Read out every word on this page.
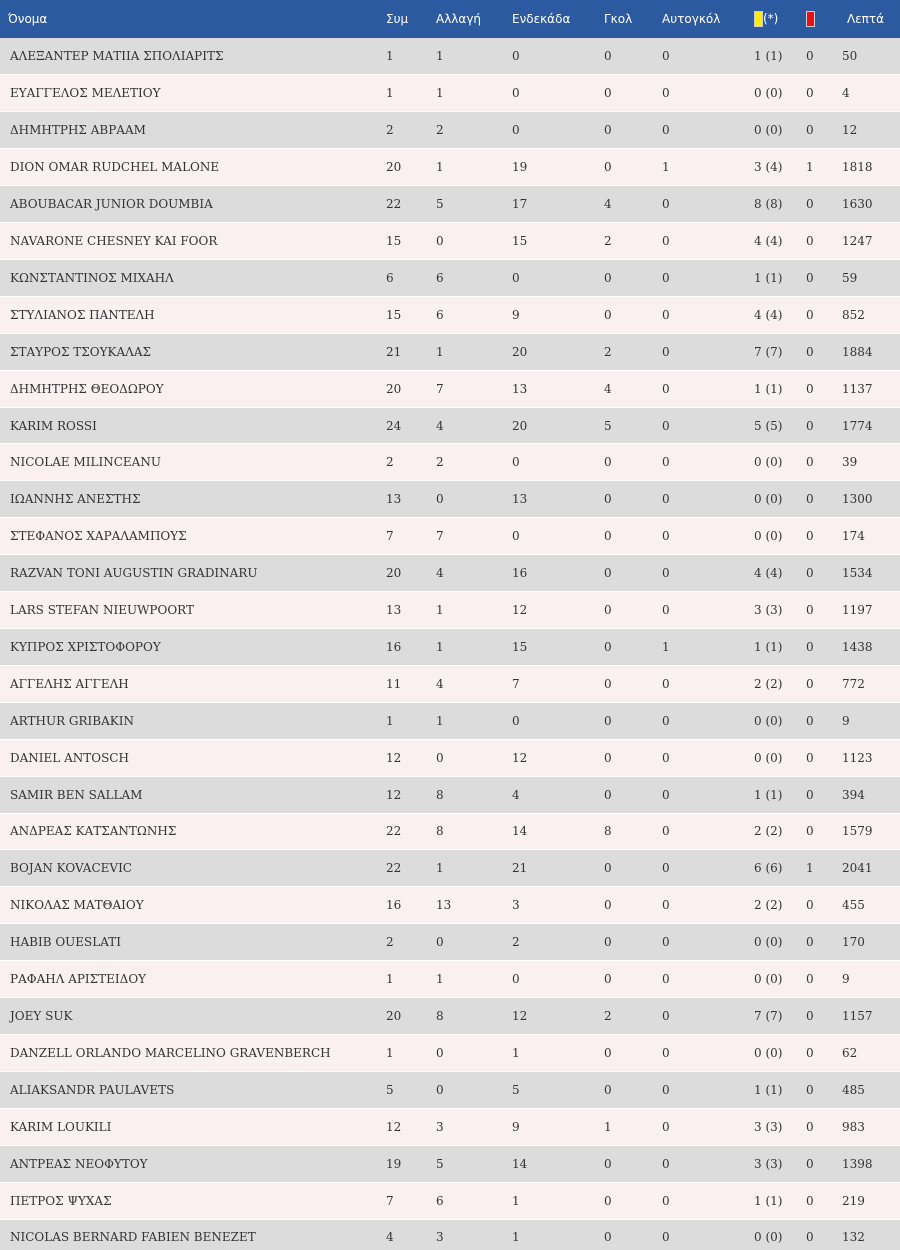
Όνομα	Συμ	Αλλαγή	Ενδεκάδα	Γκολ	Αυτογκόλ	(*)		Λεπτά
ΑΛΕΞΑΝΤΕΡ ΜΑΤΙΙΑ ΣΠΟΛΙΑΡΙΤΣ	1	1	0	0	0	1 (1)	0	50
ΕΥΑΓΓΕΛΟΣ ΜΕΛΕΤΙΟΥ	1	1	0	0	0	0 (0)	0	4
ΔΗΜΗΤΡΗΣ ΑΒΡΑΑΜ	2	2	0	0	0	0 (0)	0	12
DION OMAR RUDCHEL MALONE	20	1	19	0	1	3 (4)	1	1818
ABOUBACAR JUNIOR DOUMBIA	22	5	17	4	0	8 (8)	0	1630
NAVARONE CHESNEY KAI FOOR	15	0	15	2	0	4 (4)	0	1247
ΚΩΝΣΤΑΝΤΙΝΟΣ ΜΙΧΑΗΛ	6	6	0	0	0	1 (1)	0	59
ΣΤΥΛΙΑΝΟΣ ΠΑΝΤΕΛΗ	15	6	9	0	0	4 (4)	0	852
ΣΤΑΥΡΟΣ ΤΣΟΥΚΑΛΑΣ	21	1	20	2	0	7 (7)	0	1884
ΔΗΜΗΤΡΗΣ ΘΕΟΔΩΡΟΥ	20	7	13	4	0	1 (1)	0	1137
KARIM ROSSI	24	4	20	5	0	5 (5)	0	1774
NICOLAE MILINCEANU	2	2	0	0	0	0 (0)	0	39
ΙΩΑΝΝΗΣ ΑΝΕΣΤΗΣ	13	0	13	0	0	0 (0)	0	1300
ΣΤΕΦΑΝΟΣ ΧΑΡΑΛΑΜΠΟΥΣ	7	7	0	0	0	0 (0)	0	174
RAZVAN TONI AUGUSTIN GRADINARU	20	4	16	0	0	4 (4)	0	1534
LARS STEFAN NIEUWPOORT	13	1	12	0	0	3 (3)	0	1197
ΚΥΠΡΟΣ ΧΡΙΣΤΟΦΟΡΟΥ	16	1	15	0	1	1 (1)	0	1438
ΑΓΓΕΛΗΣ ΑΓΓΕΛΗ	11	4	7	0	0	2 (2)	0	772
ARTHUR GRIBAKIN	1	1	0	0	0	0 (0)	0	9
DANIEL ANTOSCH	12	0	12	0	0	0 (0)	0	1123
SAMIR BEN SALLAM	12	8	4	0	0	1 (1)	0	394
ΑΝΔΡΕΑΣ ΚΑΤΣΑΝΤΩΝΗΣ	22	8	14	8	0	2 (2)	0	1579
BOJAN KOVACEVIC	22	1	21	0	0	6 (6)	1	2041
ΝΙΚΟΛΑΣ ΜΑΤΘΑΙΟΥ	16	13	3	0	0	2 (2)	0	455
HABIB OUESLATI	2	0	2	0	0	0 (0)	0	170
ΡΑΦΑΗΛ ΑΡΙΣΤΕΙΔΟΥ	1	1	0	0	0	0 (0)	0	9
JOEY SUK	20	8	12	2	0	7 (7)	0	1157
DANZELL ORLANDO MARCELINO GRAVENBERCH	1	0	1	0	0	0 (0)	0	62
ALIAKSANDR PAULAVETS	5	0	5	0	0	1 (1)	0	485
KARIM LOUKILI	12	3	9	1	0	3 (3)	0	983
ΑΝΤΡΕΑΣ ΝΕΟΦΥΤΟΥ	19	5	14	0	0	3 (3)	0	1398
ΠΕΤΡΟΣ ΨΥΧΑΣ	7	6	1	0	0	1 (1)	0	219
NICOLAS BERNARD FABIEN BENEZET	4	3	1	0	0	0 (0)	0	132
